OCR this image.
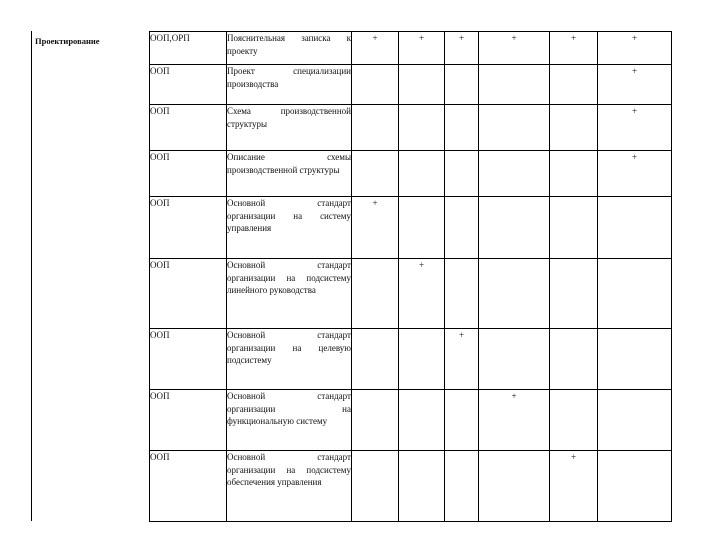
Проектирование	ООП,ОРП	Пояснительная записка к проекту	+	+	+	+	+	+
ООП	Проект специализации производства						+
ООП	Схема производственной структуры						+
ООП	Описание схемы производственной структуры						+
ООП	Основной стандарт организации на систему управления	+					
ООП	Основной стандарт организации на подсистему линейного руководства		+				
ООП	Основной стандарт организации на целевую подсистему			+			
ООП	Основной стандарт организации на функциональную систему				+		
ООП	Основной стандарт организации на подсистему обеспечения управления					+	
